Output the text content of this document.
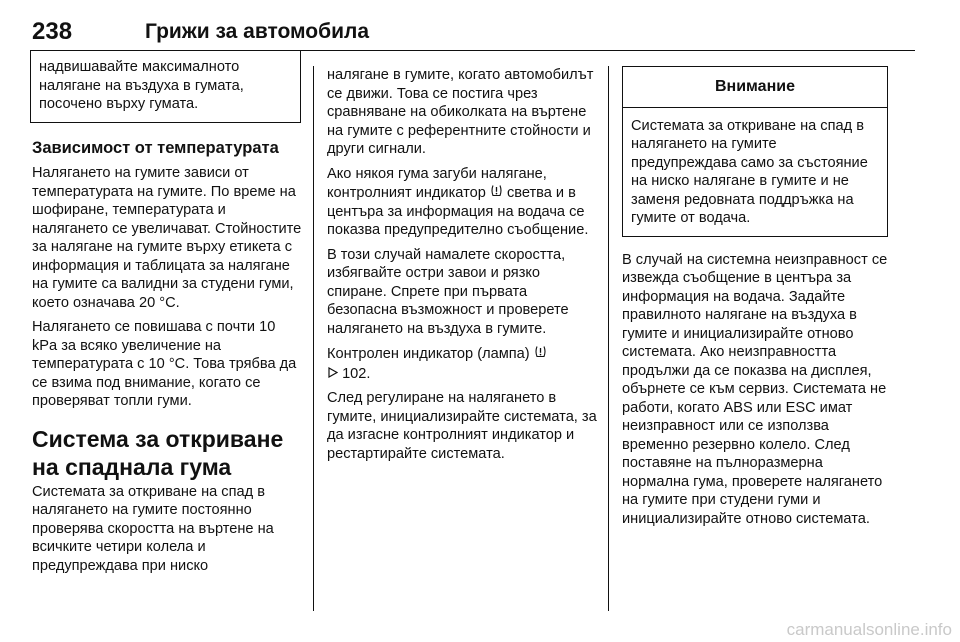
238	Грижи за автомобила
надвишавайте максималното налягане на въздуха в гумата, посочено върху гумата.
Зависимост от температурата

Налягането на гумите зависи от температурата на гумите. По време на шофиране, температурата и налягането се увеличават. Стойностите за налягане на гумите върху етикета с информация и таблицата за налягане на гумите са валидни за студени гуми, което означава 20 °C.

Налягането се повишава с почти 10 kPa за всяко увеличение на температурата с 10 °C. Това трябва да се взима под внимание, когато се проверяват топли гуми.

Система за откриване на спаднала гума

Системата за откриване на спад в налягането на гумите постоянно проверява скоростта на въртене на всичките четири колела и предупреждава при ниско

налягане в гумите, когато автомобилът се движи. Това се постига чрез сравняване на обиколката на въртене на гумите с референтните стойности и други сигнали.

Ако някоя гума загуби налягане, контролният индикатор светва и в центъра за информация на водача се показва предупредително съобщение.

В този случай намалете скоростта, избягвайте остри завои и рязко спиране. Спрете при първата безопасна възможност и проверете налягането на въздуха в гумите.

Контролен индикатор (лампа)
102.

След регулиране на налягането в гумите, инициализирайте системата, за да изгасне контролният индикатор и рестартирайте системата.

Внимание
Системата за откриване на спад в налягането на гумите предупреждава само за състояние на ниско налягане в гумите и не заменя редовната поддръжка на гумите от водача.

В случай на системна неизправност се извежда съобщение в центъра за информация на водача. Задайте правилното налягане на въздуха в гумите и инициализирайте отново системата. Ако неизправността продължи да се показва на дисплея, обърнете се към сервиз. Системата не работи, когато ABS или ESC имат неизправност или се използва временно резервно колело. След поставяне на пълноразмерна нормална гума, проверете налягането на гумите при студени гуми и инициализирайте отново системата.

carmanualsonline.info
